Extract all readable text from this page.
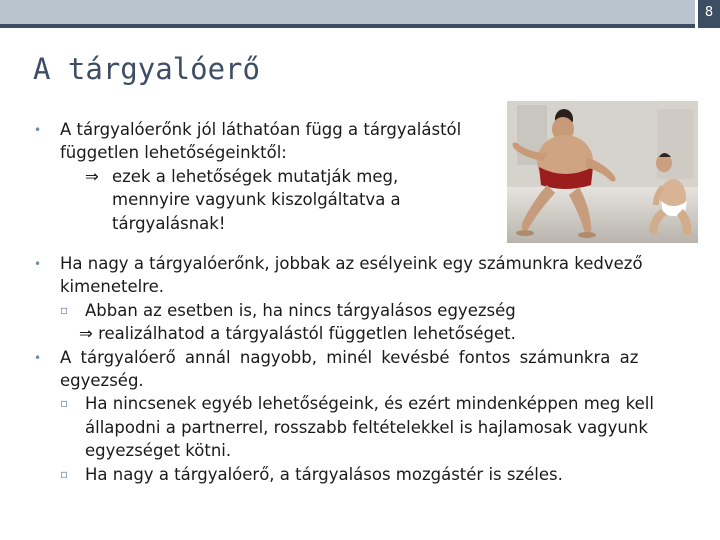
8
A tárgyalóerő
• A tárgyalóerőnk jól láthatóan függ a tárgyalástól
független lehetőségeinktől:
⇒ ezek a lehetőségek mutatják meg,
mennyire vagyunk kiszolgáltatva a
tárgyalásnak!
• Ha nagy a tárgyalóerőnk, jobbak az esélyeink egy számunkra kedvező
kimenetelre.
▫ Abban az esetben is, ha nincs tárgyalásos egyezség
⇒ realizálhatod a tárgyalástól független lehetőséget.
• A tárgyalóerő annál nagyobb, minél kevésbé fontos számunkra az
egyezség.
▫ Ha nincsenek egyéb lehetőségeink, és ezért mindenképpen meg kell
állapodni a partnerrel, rosszabb feltételekkel is hajlamosak vagyunk
egyezséget kötni.
▫ Ha nagy a tárgyalóerő, a tárgyalásos mozgástér is széles.
